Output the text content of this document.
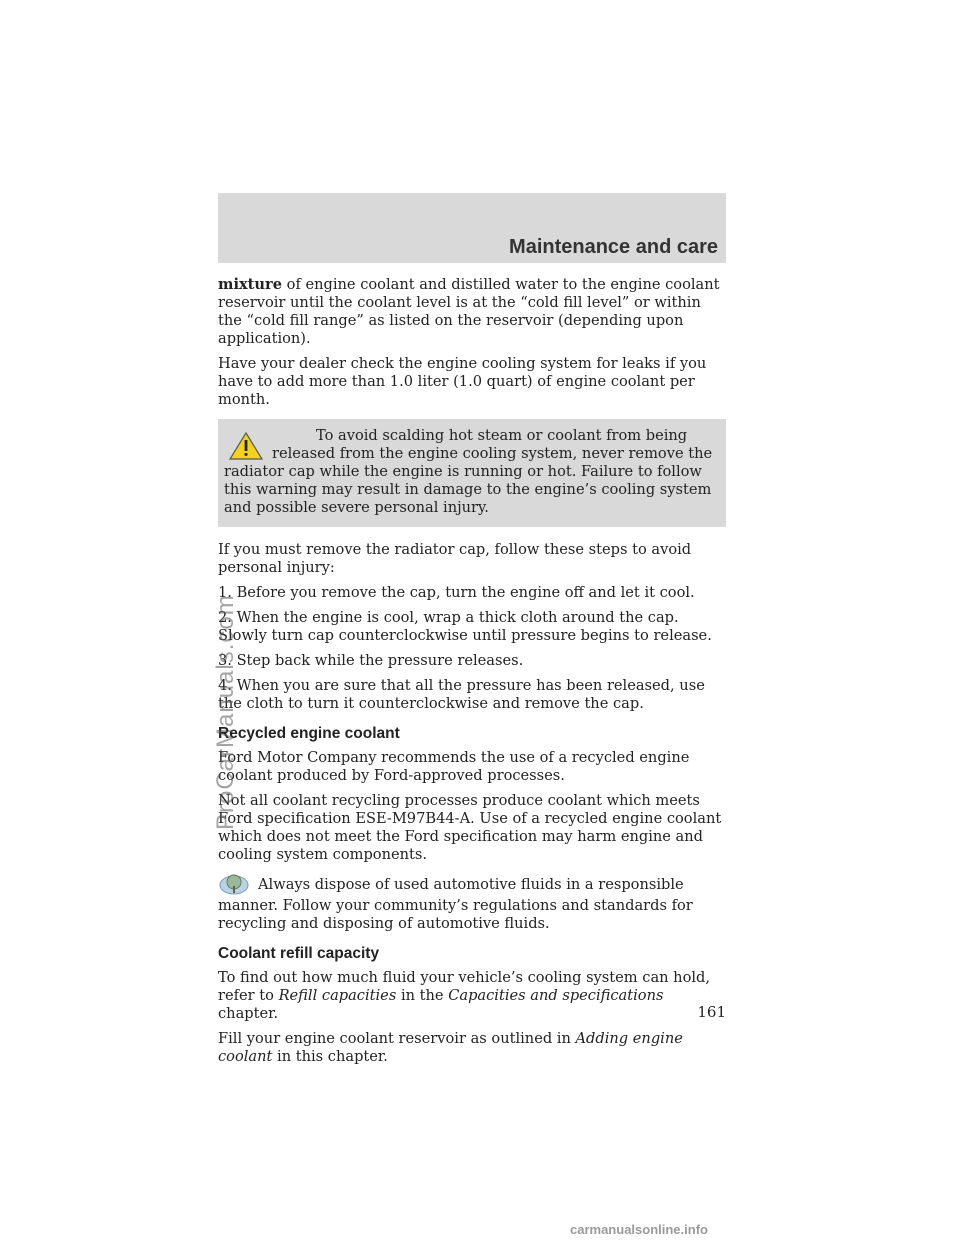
Maintenance and care

mixture of engine coolant and distilled water to the engine coolant reservoir until the coolant level is at the “cold fill level” or within the “cold fill range” as listed on the reservoir (depending upon application).

Have your dealer check the engine cooling system for leaks if you have to add more than 1.0 liter (1.0 quart) of engine coolant per month.

To avoid scalding hot steam or coolant from being released from the engine cooling system, never remove the radiator cap while the engine is running or hot. Failure to follow this warning may result in damage to the engine’s cooling system and possible severe personal injury.

If you must remove the radiator cap, follow these steps to avoid personal injury:

1. Before you remove the cap, turn the engine off and let it cool.

2. When the engine is cool, wrap a thick cloth around the cap. Slowly turn cap counterclockwise until pressure begins to release.

3. Step back while the pressure releases.

4. When you are sure that all the pressure has been released, use the cloth to turn it counterclockwise and remove the cap.

Recycled engine coolant

Ford Motor Company recommends the use of a recycled engine coolant produced by Ford-approved processes.

Not all coolant recycling processes produce coolant which meets Ford specification ESE-M97B44-A. Use of a recycled engine coolant which does not meet the Ford specification may harm engine and cooling system components.

Always dispose of used automotive fluids in a responsible manner. Follow your community’s regulations and standards for recycling and disposing of automotive fluids.

Coolant refill capacity

To find out how much fluid your vehicle’s cooling system can hold, refer to Refill capacities in the Capacities and specifications chapter.

Fill your engine coolant reservoir as outlined in Adding engine coolant in this chapter.

161
ProCarManuals.com
carmanualsonline.info
